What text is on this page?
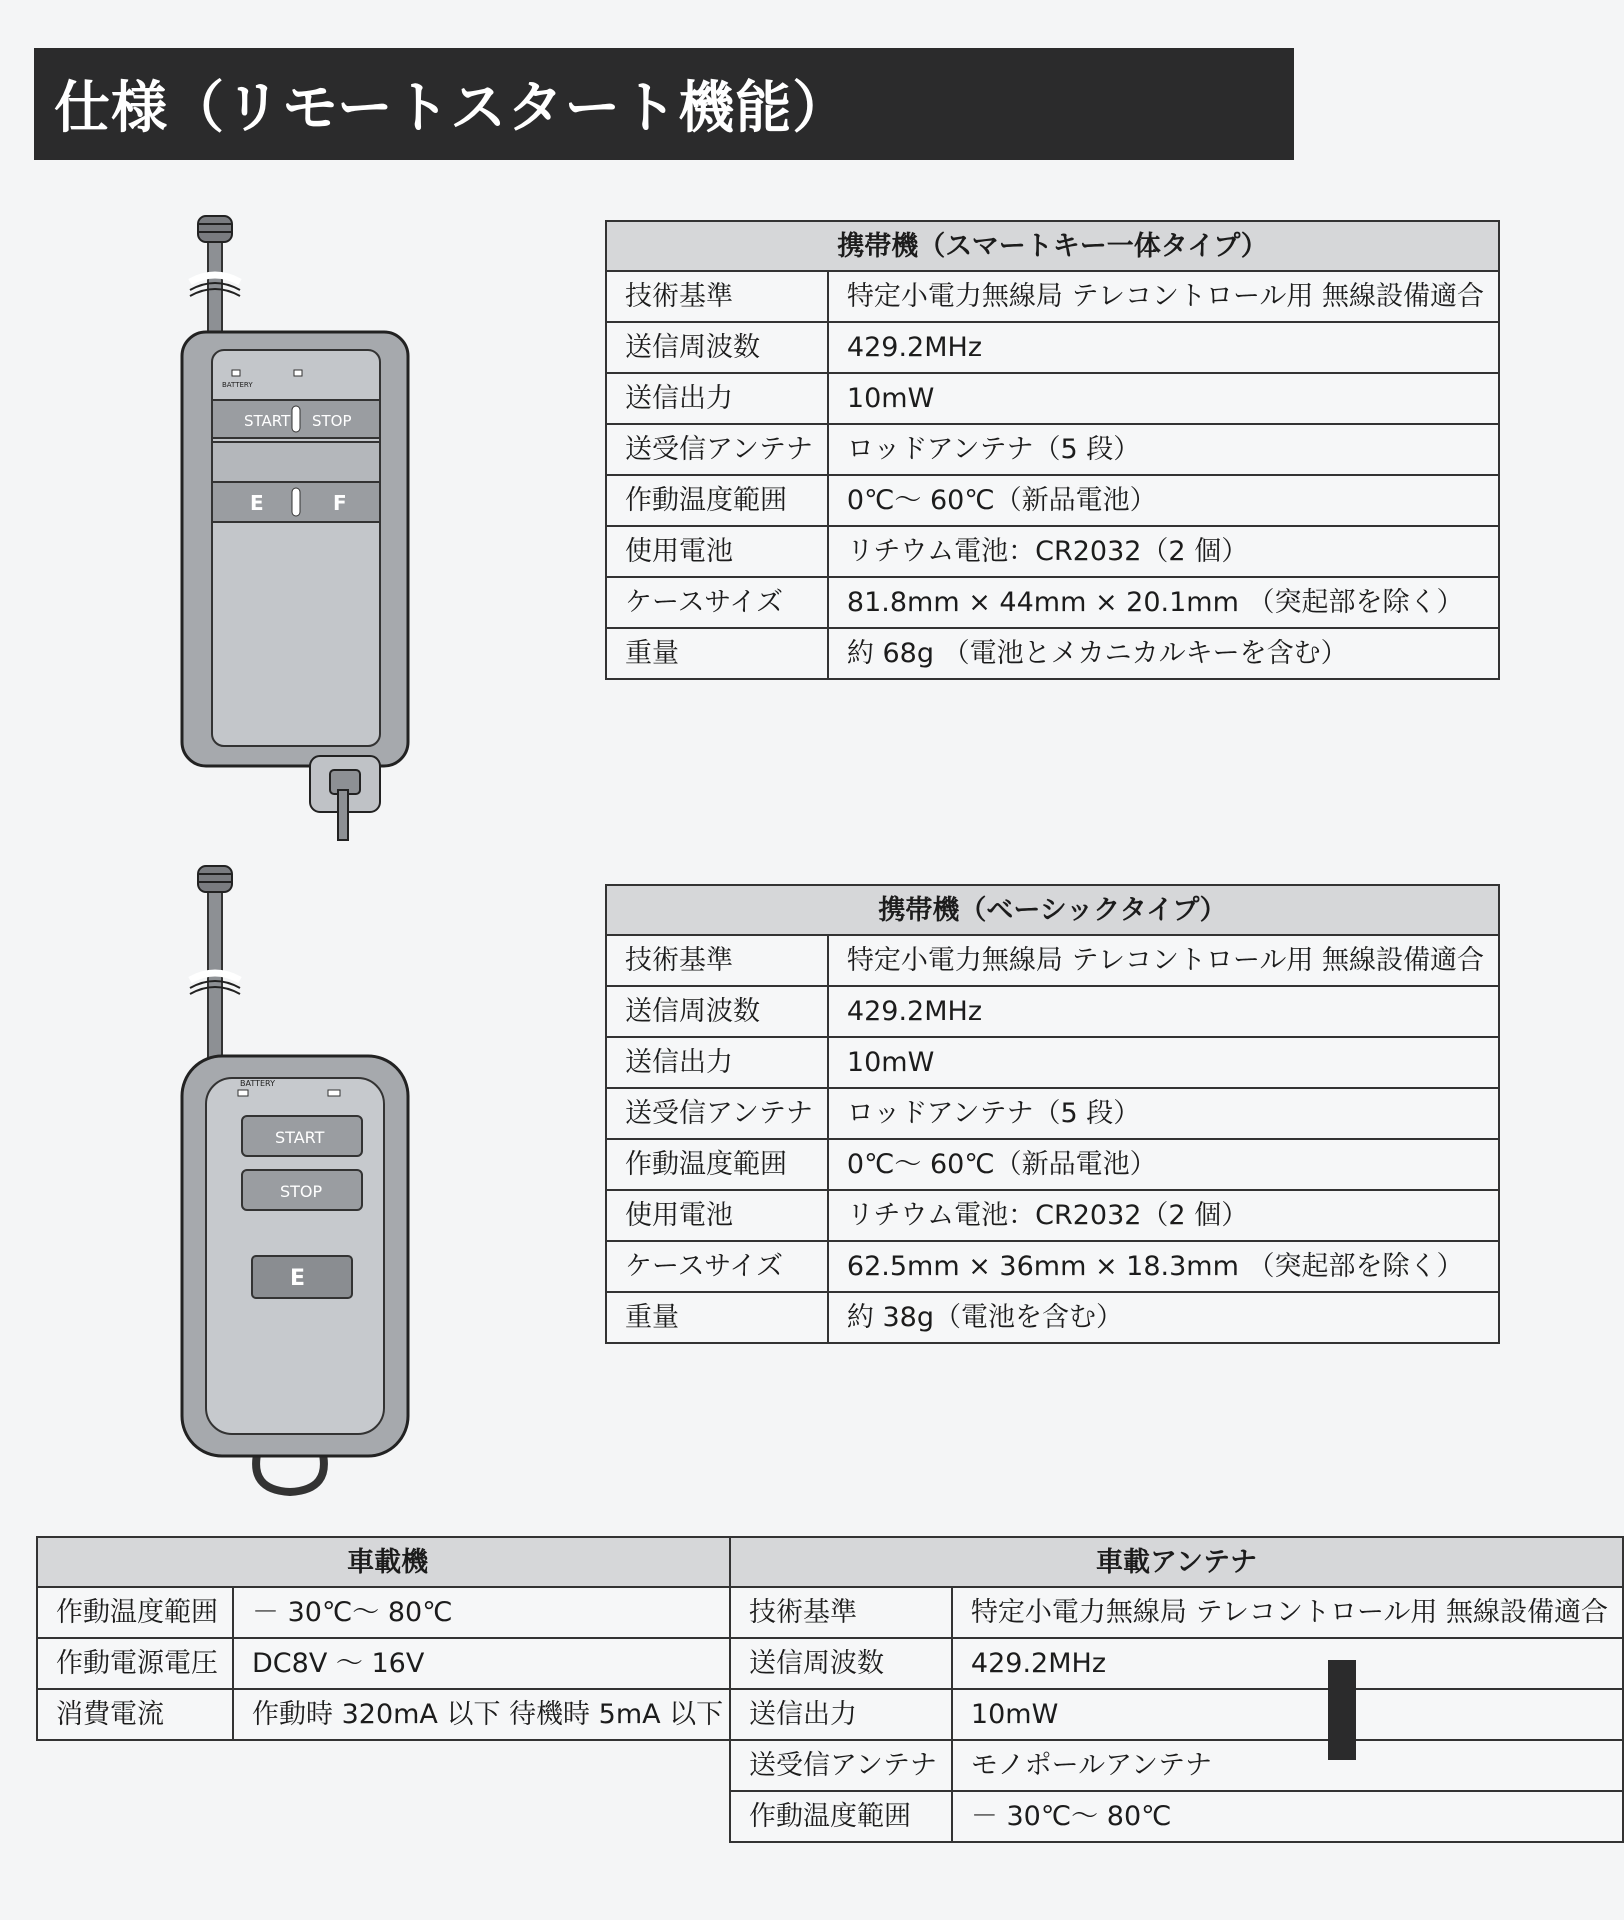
仕様（リモートスタート機能）
BATTERY
START STOP
E	F
BATTERY
START
STOP
E
携帯機（スマートキー一体タイプ）	
技術基準	特定小電力無線局 テレコントロール用 無線設備適合
送信周波数	429.2MHz
送信出力	10mW
送受信アンテナ	ロッドアンテナ（5 段）
作動温度範囲	0℃～ 60℃（新品電池）
使用電池	リチウム電池：CR2032（2 個）
ケースサイズ	81.8mm × 44mm × 20.1mm （突起部を除く）
重量	約 68g （電池とメカニカルキーを含む）
携帯機（ベーシックタイプ）	
技術基準	特定小電力無線局 テレコントロール用 無線設備適合
送信周波数	429.2MHz
送信出力	10mW
送受信アンテナ	ロッドアンテナ（5 段）
作動温度範囲	0℃～ 60℃（新品電池）
使用電池	リチウム電池：CR2032（2 個）
ケースサイズ	62.5mm × 36mm × 18.3mm （突起部を除く）
重量	約 38g（電池を含む）
車載機	
作動温度範囲	－ 30℃～ 80℃
作動電源電圧	DC8V ～ 16V
消費電流	作動時 320mA 以下 待機時 5mA 以下
車載アンテナ	
技術基準	特定小電力無線局 テレコントロール用 無線設備適合
送信周波数	429.2MHz
送信出力	10mW
送受信アンテナ	モノポールアンテナ
作動温度範囲	－ 30℃～ 80℃
